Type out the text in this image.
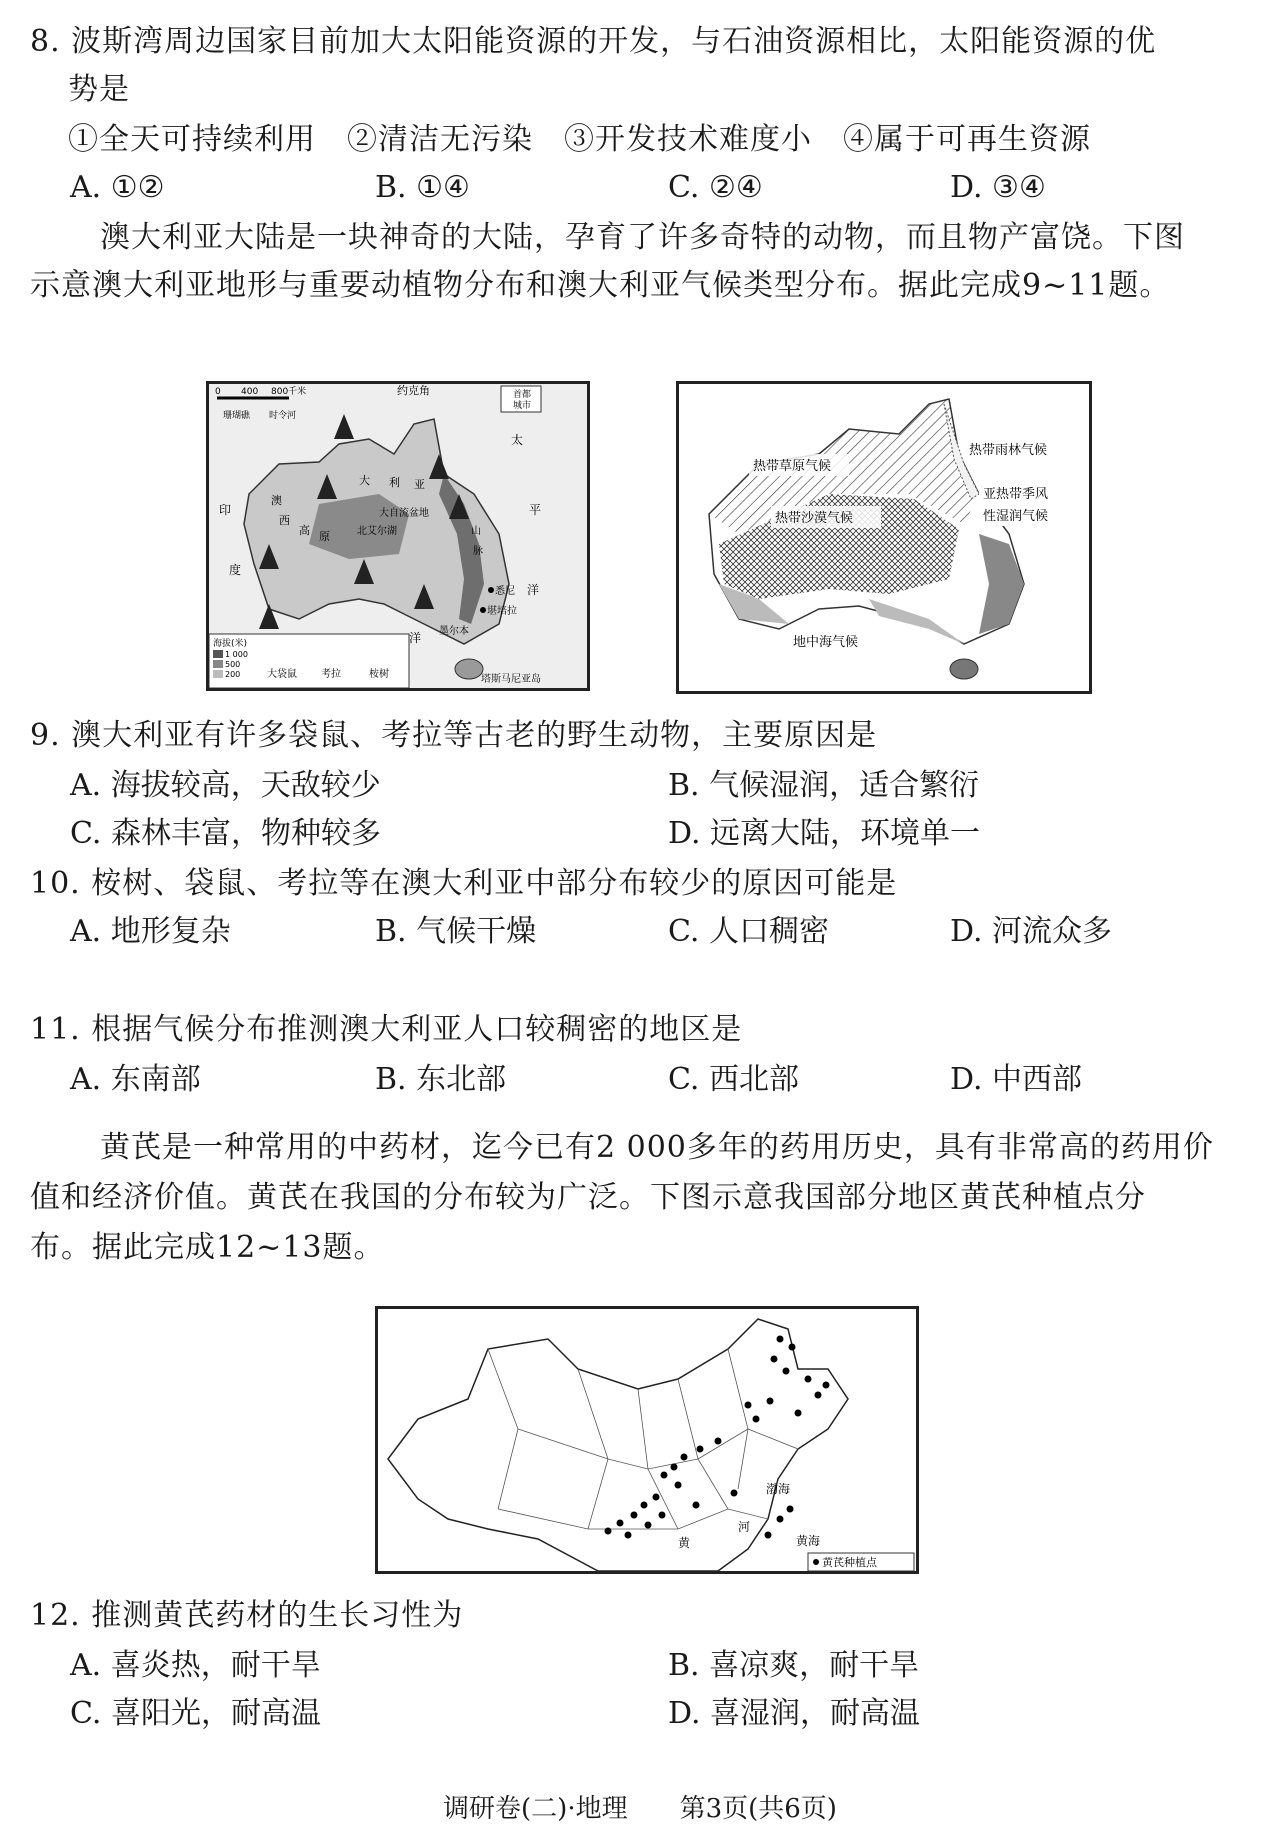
8. 波斯湾周边国家目前加大太阳能资源的开发，与石油资源相比，太阳能资源的优
势是
①全天可持续利用　②清洁无污染　③开发技术难度小　④属于可再生资源
A. ①②	B. ①④	C. ②④	D. ③④
澳大利亚大陆是一块神奇的大陆，孕育了许多奇特的动物，而且物产富饶。下图
示意澳大利亚地形与重要动植物分布和澳大利亚气候类型分布。据此完成9~11题。
0 400 800千米
珊瑚礁 时令河
首都
城市
约克角
太
平
洋
印
度
洋
澳
西
高 原
大 利 亚
大自流盆地
北艾尔湖	山
脉
悉尼
堪培拉
墨尔本
塔斯马尼亚岛
海拔(米)
1 000
500
200	大袋鼠 考拉	桉树
热带草原气候
热带雨林气候
亚热带季风
性湿润气候
热带沙漠气候
地中海气候
9. 澳大利亚有许多袋鼠、考拉等古老的野生动物，主要原因是
A. 海拔较高，天敌较少	B. 气候湿润，适合繁衍
C. 森林丰富，物种较多	D. 远离大陆，环境单一
10. 桉树、袋鼠、考拉等在澳大利亚中部分布较少的原因可能是
A. 地形复杂	B. 气候干燥	C. 人口稠密	D. 河流众多
11. 根据气候分布推测澳大利亚人口较稠密的地区是
A. 东南部	B. 东北部	C. 西北部	D. 中西部
黄芪是一种常用的中药材，迄今已有2 000多年的药用历史，具有非常高的药用价
值和经济价值。黄芪在我国的分布较为广泛。下图示意我国部分地区黄芪种植点分
布。据此完成12~13题。
渤海
黄海
黄
河
黄芪种植点
12. 推测黄芪药材的生长习性为
A. 喜炎热，耐干旱	B. 喜凉爽，耐干旱
C. 喜阳光，耐高温	D. 喜湿润，耐高温
调研卷(二)·地理　　第3页(共6页)
